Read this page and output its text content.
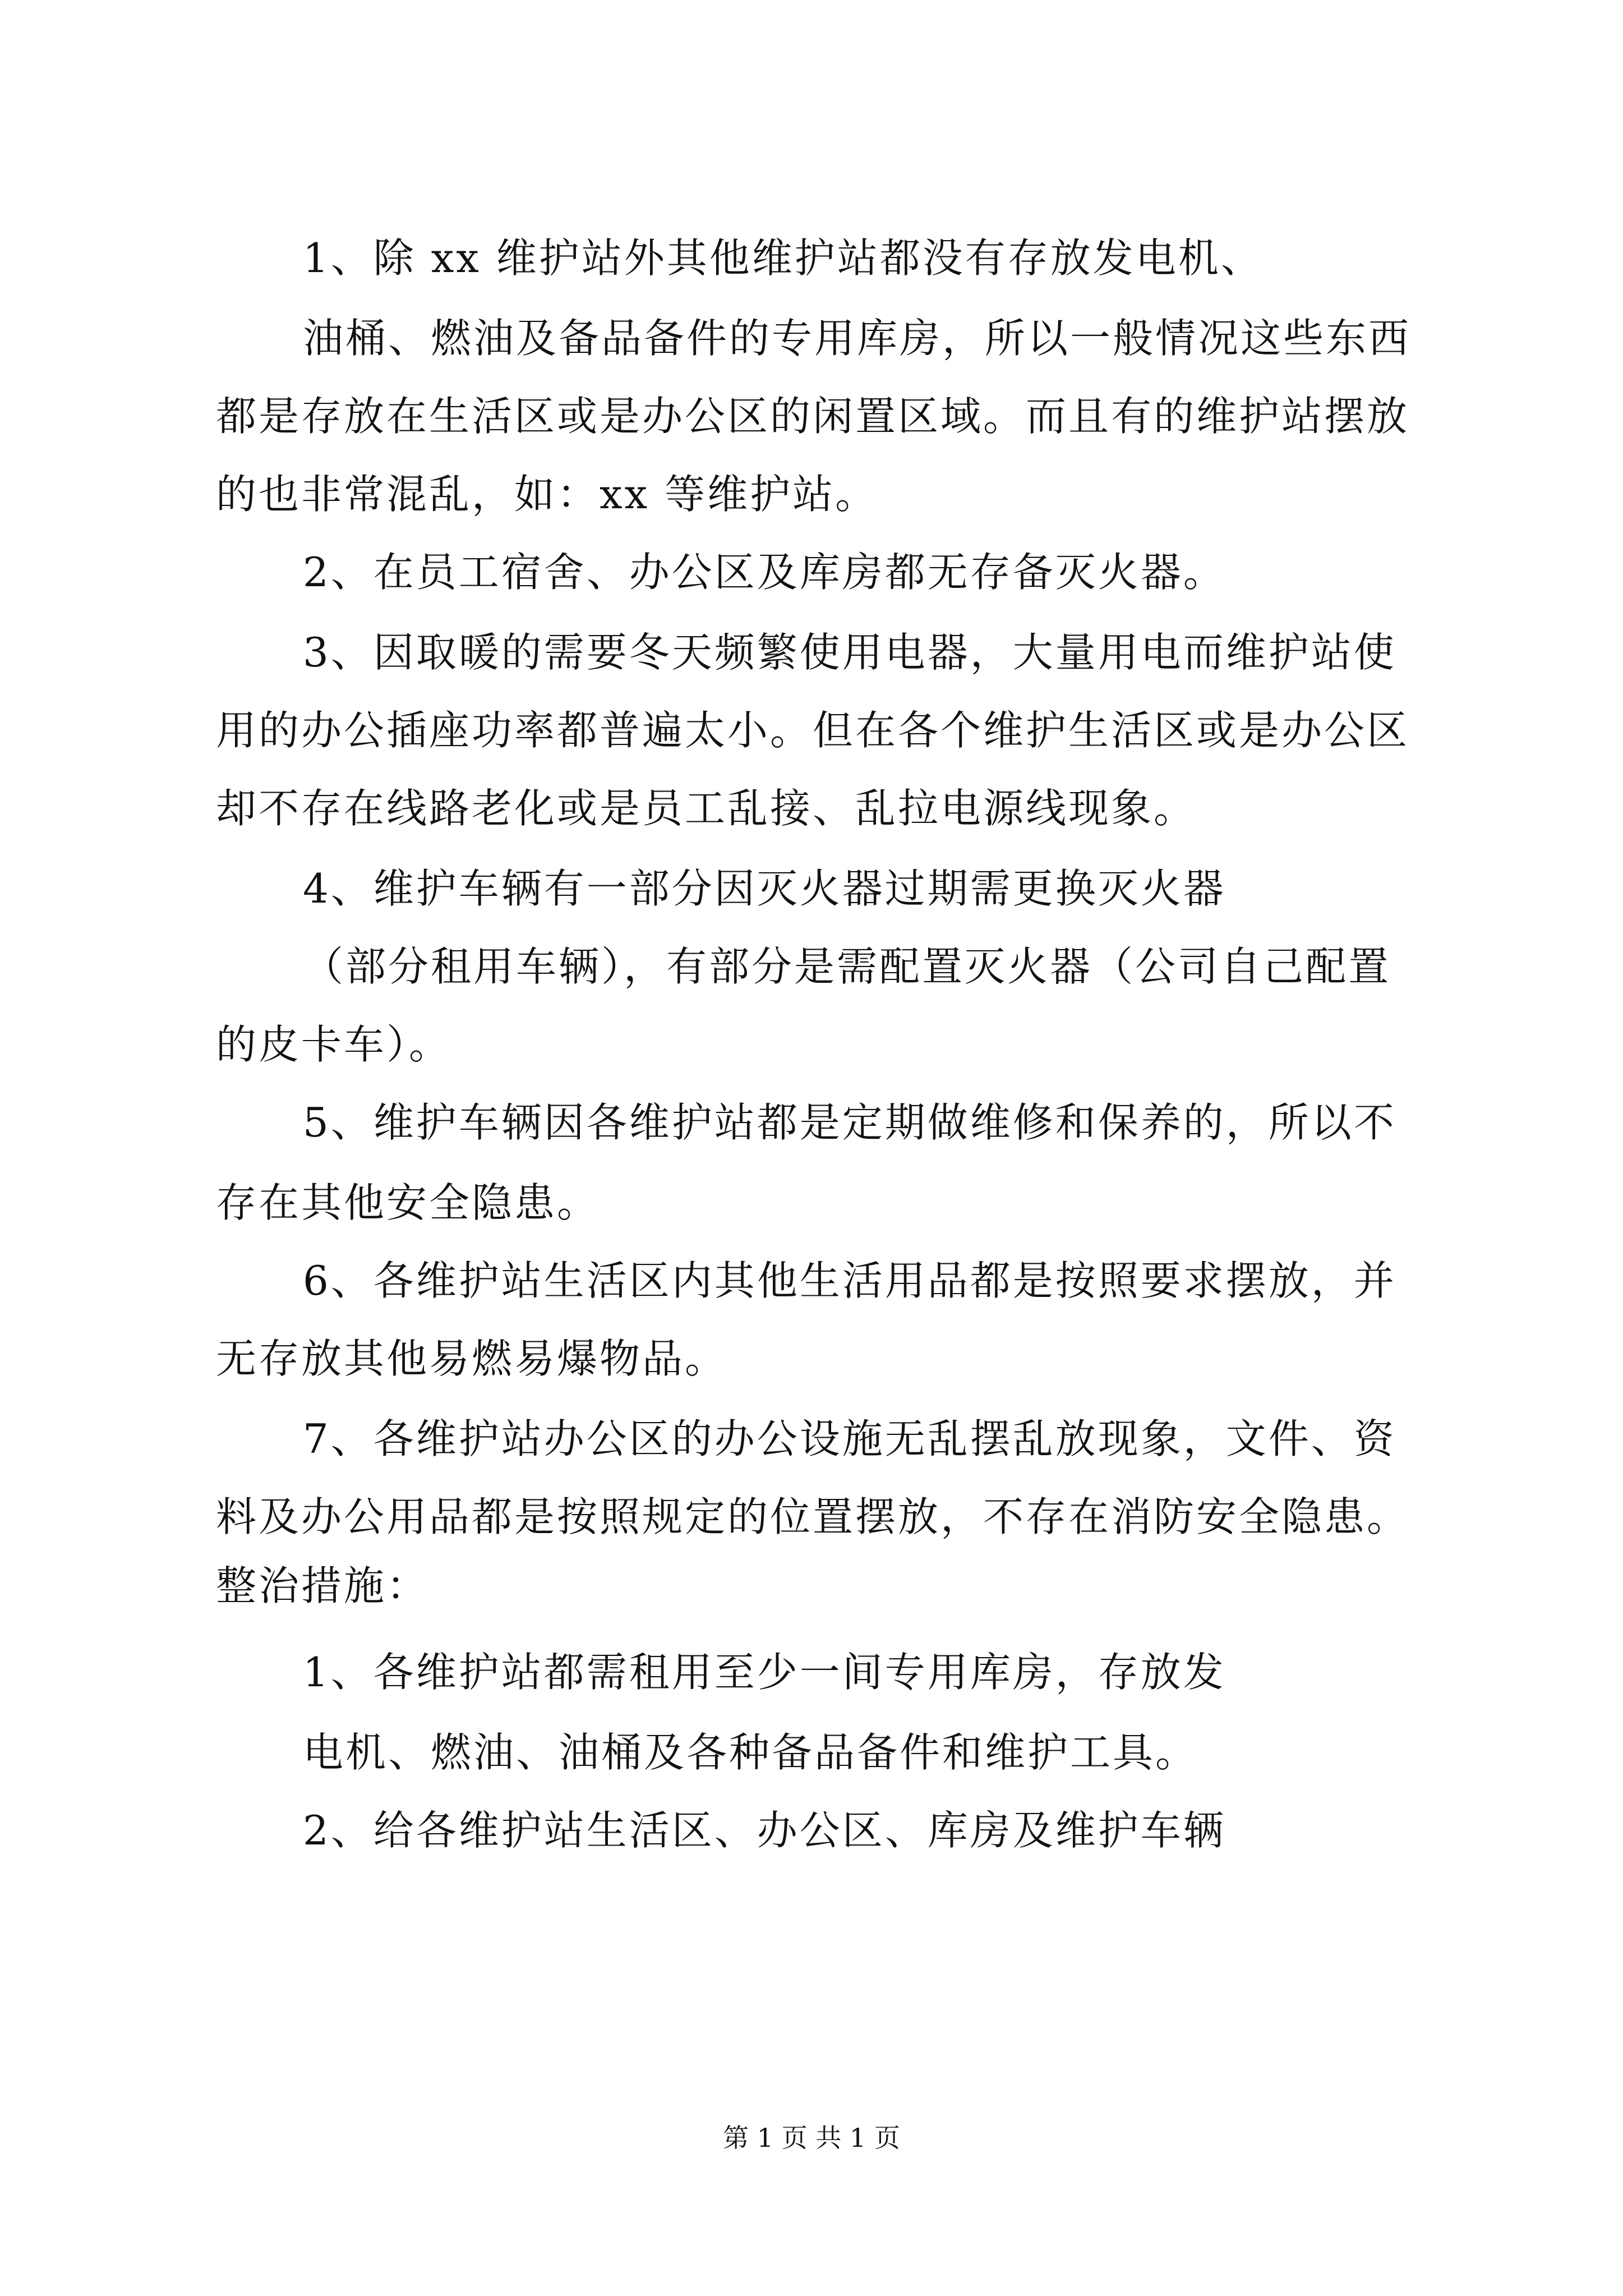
1、除 xx 维护站外其他维护站都没有存放发电机、
油桶、燃油及备品备件的专用库房，所以一般情况这些东西
都是存放在生活区或是办公区的闲置区域。而且有的维护站摆放
的也非常混乱，如：xx 等维护站。
2、在员工宿舍、办公区及库房都无存备灭火器。
3、因取暖的需要冬天频繁使用电器，大量用电而维护站使
用的办公插座功率都普遍太小。但在各个维护生活区或是办公区
却不存在线路老化或是员工乱接、乱拉电源线现象。
4、维护车辆有一部分因灭火器过期需更换灭火器
（部分租用车辆），有部分是需配置灭火器（公司自己配置
的皮卡车）。
5、维护车辆因各维护站都是定期做维修和保养的，所以不
存在其他安全隐患。
6、各维护站生活区内其他生活用品都是按照要求摆放，并
无存放其他易燃易爆物品。
7、各维护站办公区的办公设施无乱摆乱放现象，文件、资
料及办公用品都是按照规定的位置摆放，不存在消防安全隐患。
整治措施：
1、各维护站都需租用至少一间专用库房，存放发
电机、燃油、油桶及各种备品备件和维护工具。
2、给各维护站生活区、办公区、库房及维护车辆
第 1 页 共 1 页
